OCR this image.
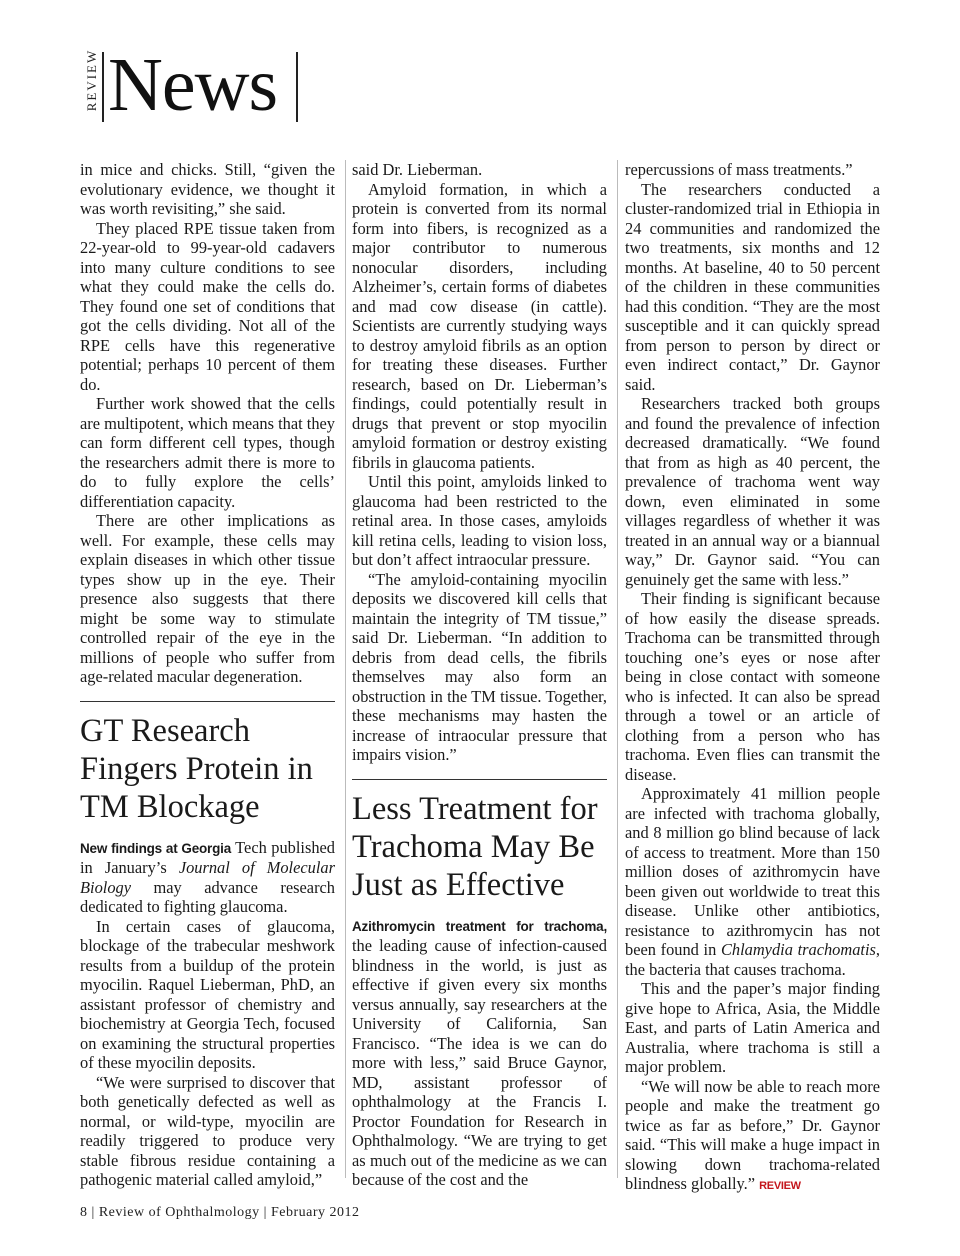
REVIEW News

in mice and chicks. Still, “given the evolutionary evidence, we thought it was worth revisiting,” she said.

They placed RPE tissue taken from 22-year-old to 99-year-old cadavers into many culture conditions to see what they could make the cells do. They found one set of conditions that got the cells dividing. Not all of the RPE cells have this regenerative potential; perhaps 10 percent of them do.

Further work showed that the cells are multipotent, which means that they can form different cell types, though the researchers admit there is more to do to fully explore the cells’ differentiation capacity.

There are other implications as well. For example, these cells may explain diseases in which other tissue types show up in the eye. Their presence also suggests that there might be some way to stimulate controlled repair of the eye in the millions of people who suffer from age-related macular degeneration.

GT Research Fingers Protein in TM Blockage

New findings at Georgia Tech published in January’s Journal of Molecular Biology may advance research dedicated to fighting glaucoma.

In certain cases of glaucoma, blockage of the trabecular meshwork results from a buildup of the protein myocilin. Raquel Lieberman, PhD, an assistant professor of chemistry and biochemistry at Georgia Tech, focused on examining the structural properties of these myocilin deposits.

“We were surprised to discover that both genetically defected as well as normal, or wild-type, myocilin are readily triggered to produce very stable fibrous residue containing a pathogenic material called amyloid,”

said Dr. Lieberman.

Amyloid formation, in which a protein is converted from its normal form into fibers, is recognized as a major contributor to numerous nonocular disorders, including Alzheimer’s, certain forms of diabetes and mad cow disease (in cattle). Scientists are currently studying ways to destroy amyloid fibrils as an option for treating these diseases. Further research, based on Dr. Lieberman’s findings, could potentially result in drugs that prevent or stop myocilin amyloid formation or destroy existing fibrils in glaucoma patients.

Until this point, amyloids linked to glaucoma had been restricted to the retinal area. In those cases, amyloids kill retina cells, leading to vision loss, but don’t affect intraocular pressure.

“The amyloid-containing myocilin deposits we discovered kill cells that maintain the integrity of TM tissue,” said Dr. Lieberman. “In addition to debris from dead cells, the fibrils themselves may also form an obstruction in the TM tissue. Together, these mechanisms may hasten the increase of intraocular pressure that impairs vision.”

Less Treatment for Trachoma May Be Just as Effective

Azithromycin treatment for trachoma, the leading cause of infection-caused blindness in the world, is just as effective if given every six months versus annually, say researchers at the University of California, San Francisco. “The idea is we can do more with less,” said Bruce Gaynor, MD, assistant professor of ophthalmology at the Francis I. Proctor Foundation for Research in Ophthalmology. “We are trying to get as much out of the medicine as we can because of the cost and the

repercussions of mass treatments.”

The researchers conducted a cluster-randomized trial in Ethiopia in 24 communities and randomized the two treatments, six months and 12 months. At baseline, 40 to 50 percent of the children in these communities had this condition. “They are the most susceptible and it can quickly spread from person to person by direct or even indirect contact,” Dr. Gaynor said.

Researchers tracked both groups and found the prevalence of infection decreased dramatically. “We found that from as high as 40 percent, the prevalence of trachoma went way down, even eliminated in some villages regardless of whether it was treated in an annual way or a biannual way,” Dr. Gaynor said. “You can genuinely get the same with less.”

Their finding is significant because of how easily the disease spreads. Trachoma can be transmitted through touching one’s eyes or nose after being in close contact with someone who is infected. It can also be spread through a towel or an article of clothing from a person who has trachoma. Even flies can transmit the disease.

Approximately 41 million people are infected with trachoma globally, and 8 million go blind because of lack of access to treatment. More than 150 million doses of azithromycin have been given out worldwide to treat this disease. Unlike other antibiotics, resistance to azithromycin has not been found in Chlamydia trachomatis, the bacteria that causes trachoma.

This and the paper’s major finding give hope to Africa, Asia, the Middle East, and parts of Latin America and Australia, where trachoma is still a major problem.

“We will now be able to reach more people and make the treatment go twice as far as before,” Dr. Gaynor said. “This will make a huge impact in slowing down trachoma-related blindness globally.” REVIEW

8 | Review of Ophthalmology | February 2012
